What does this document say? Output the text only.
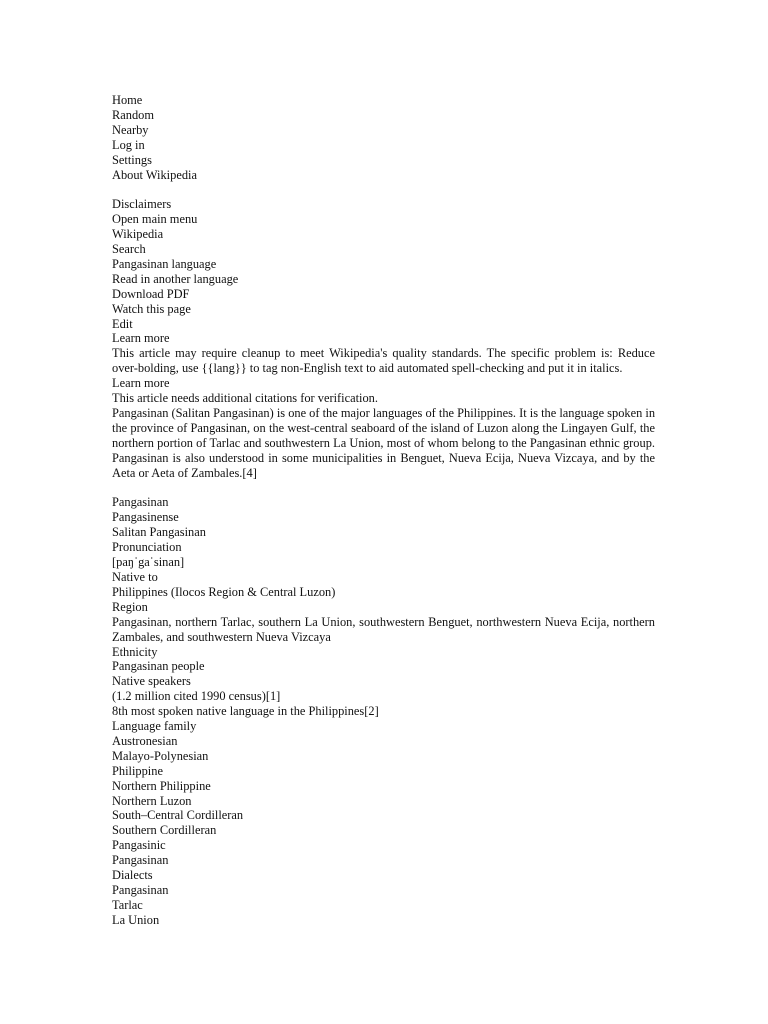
Home
Random
Nearby
Log in
Settings
About Wikipedia
Disclaimers
Open main menu
Wikipedia
Search
Pangasinan language
Read in another language
Download PDF
Watch this page
Edit
Learn more
This article may require cleanup to meet Wikipedia's quality standards. The specific problem is: Reduce over-bolding, use {{lang}} to tag non-English text to aid automated spell-checking and put it in italics.
Learn more
This article needs additional citations for verification.

Pangasinan (Salitan Pangasinan) is one of the major languages of the Philippines. It is the language spoken in the province of Pangasinan, on the west-central seaboard of the island of Luzon along the Lingayen Gulf, the northern portion of Tarlac and southwestern La Union, most of whom belong to the Pangasinan ethnic group. Pangasinan is also understood in some municipalities in Benguet, Nueva Ecija, Nueva Vizcaya, and by the Aeta or Aeta of Zambales.[4]

Pangasinan
Pangasinense
Salitan Pangasinan
Pronunciation
[paŋˈgaˈsinan]
Native to
Philippines (Ilocos Region & Central Luzon)
Region
Pangasinan, northern Tarlac, southern La Union, southwestern Benguet, northwestern Nueva Ecija, northern Zambales, and southwestern Nueva Vizcaya
Ethnicity
Pangasinan people
Native speakers
(1.2 million cited 1990 census)[1]
8th most spoken native language in the Philippines[2]
Language family
Austronesian
Malayo-Polynesian
Philippine
Northern Philippine
Northern Luzon
South–Central Cordilleran
Southern Cordilleran
Pangasinic
Pangasinan
Dialects
Pangasinan
Tarlac
La Union
